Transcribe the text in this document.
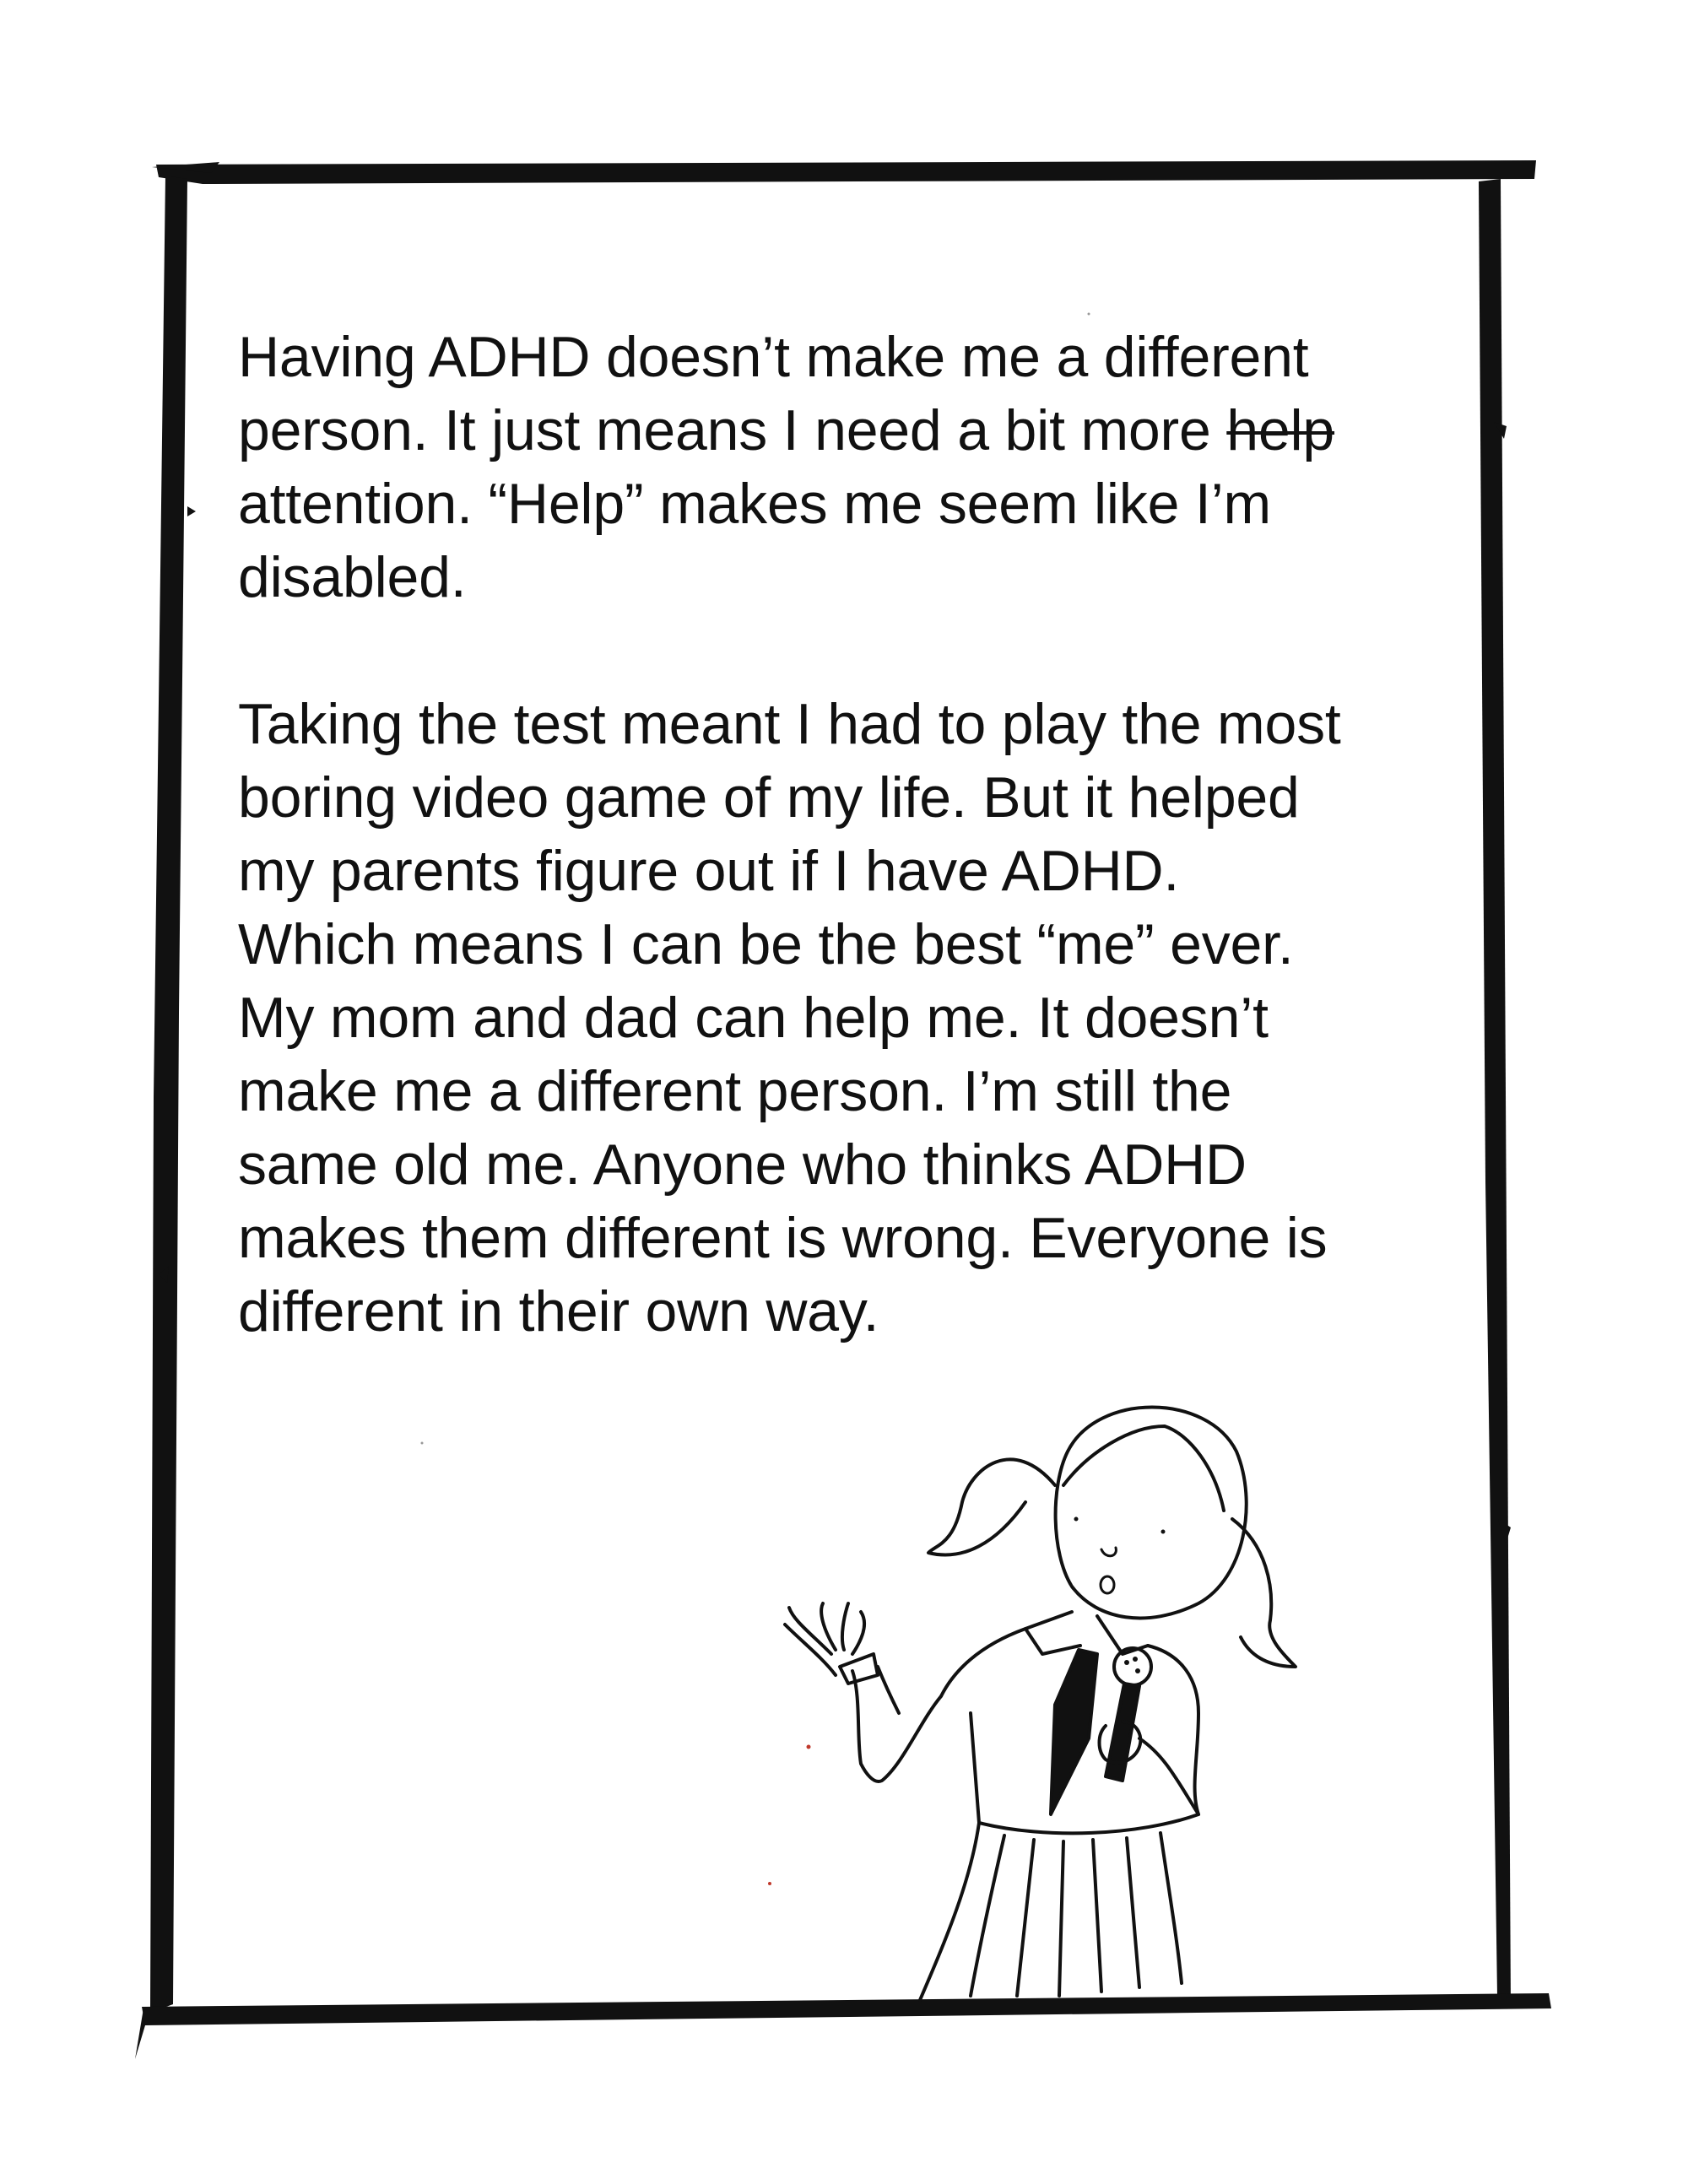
Having ADHD doesn’t make me a different
person. It just means I need a bit more help
attention. “Help” makes me seem like I’m
disabled.
Taking the test meant I had to play the most
boring video game of my life. But it helped
my parents figure out if I have ADHD.
Which means I can be the best “me” ever.
My mom and dad can help me. It doesn’t
make me a different person. I’m still the
same old me. Anyone who thinks ADHD
makes them different is wrong. Everyone is
different in their own way.
